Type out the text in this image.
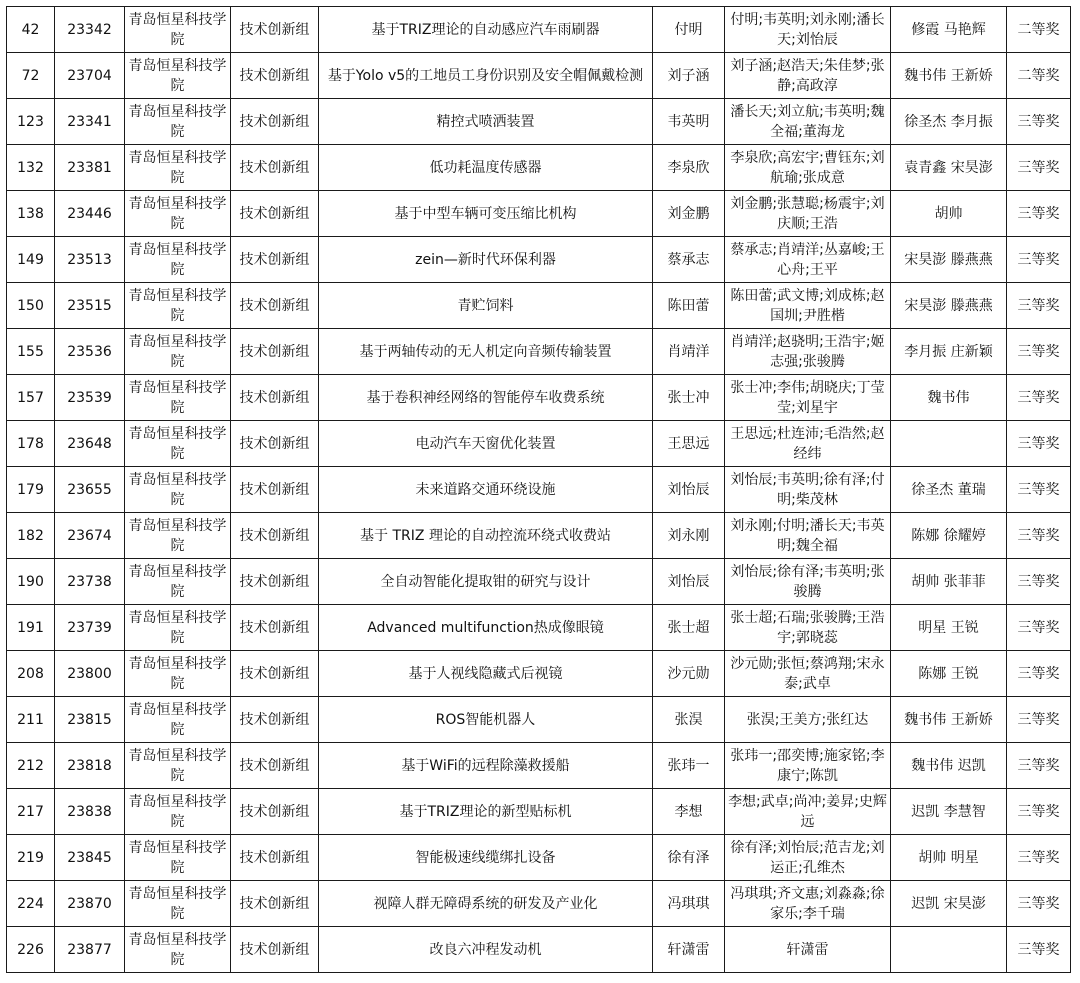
42	23342	青岛恒星科技学院	技术创新组	基于TRIZ理论的自动感应汽车雨刷器	付明	付明;韦英明;刘永刚;潘长天;刘怡辰	修霞 马艳辉	二等奖
72	23704	青岛恒星科技学院	技术创新组	基于Yolo v5的工地员工身份识别及安全帽佩戴检测	刘子涵	刘子涵;赵浩天;朱佳梦;张静;高政淳	魏书伟 王新娇	二等奖
123	23341	青岛恒星科技学院	技术创新组	精控式喷洒装置	韦英明	潘长天;刘立航;韦英明;魏全福;董海龙	徐圣杰 李月振	三等奖
132	23381	青岛恒星科技学院	技术创新组	低功耗温度传感器	李泉欣	李泉欣;高宏宇;曹钰东;刘航瑜;张成意	袁青鑫 宋昊澎	三等奖
138	23446	青岛恒星科技学院	技术创新组	基于中型车辆可变压缩比机构	刘金鹏	刘金鹏;张慧聪;杨震宇;刘庆顺;王浩	胡帅	三等奖
149	23513	青岛恒星科技学院	技术创新组	zein—新时代环保利器	蔡承志	蔡承志;肖靖洋;丛嘉峻;王心舟;王平	宋昊澎 滕燕燕	三等奖
150	23515	青岛恒星科技学院	技术创新组	青贮饲料	陈田蕾	陈田蕾;武文博;刘成栋;赵国圳;尹胜楷	宋昊澎 滕燕燕	三等奖
155	23536	青岛恒星科技学院	技术创新组	基于两轴传动的无人机定向音频传输装置	肖靖洋	肖靖洋;赵骁明;王浩宇;姬志强;张骏腾	李月振 庄新颖	三等奖
157	23539	青岛恒星科技学院	技术创新组	基于卷积神经网络的智能停车收费系统	张士冲	张士冲;李伟;胡晓庆;丁莹莹;刘星宇	魏书伟	三等奖
178	23648	青岛恒星科技学院	技术创新组	电动汽车天窗优化装置	王思远	王思远;杜连沛;毛浩然;赵经纬		三等奖
179	23655	青岛恒星科技学院	技术创新组	未来道路交通环绕设施	刘怡辰	刘怡辰;韦英明;徐有泽;付明;柴茂林	徐圣杰 董瑞	三等奖
182	23674	青岛恒星科技学院	技术创新组	基于 TRIZ 理论的自动控流环绕式收费站	刘永刚	刘永刚;付明;潘长天;韦英明;魏全福	陈娜 徐耀婷	三等奖
190	23738	青岛恒星科技学院	技术创新组	全自动智能化提取钳的研究与设计	刘怡辰	刘怡辰;徐有泽;韦英明;张骏腾	胡帅 张菲菲	三等奖
191	23739	青岛恒星科技学院	技术创新组	Advanced multifunction热成像眼镜	张士超	张士超;石瑞;张骏腾;王浩宇;郭晓蕊	明星 王锐	三等奖
208	23800	青岛恒星科技学院	技术创新组	基于人视线隐藏式后视镜	沙元勋	沙元勋;张恒;蔡鸿翔;宋永泰;武卓	陈娜 王锐	三等奖
211	23815	青岛恒星科技学院	技术创新组	ROS智能机器人	张淏	张淏;王美方;张红达	魏书伟 王新娇	三等奖
212	23818	青岛恒星科技学院	技术创新组	基于WiFi的远程除藻救援船	张玮一	张玮一;邵奕博;施家铭;李康宁;陈凯	魏书伟 迟凯	三等奖
217	23838	青岛恒星科技学院	技术创新组	基于TRIZ理论的新型贴标机	李想	李想;武卓;尚冲;姜昇;史辉远	迟凯 李慧智	三等奖
219	23845	青岛恒星科技学院	技术创新组	智能极速线缆绑扎设备	徐有泽	徐有泽;刘怡辰;范吉龙;刘运正;孔维杰	胡帅 明星	三等奖
224	23870	青岛恒星科技学院	技术创新组	视障人群无障碍系统的研发及产业化	冯琪琪	冯琪琪;齐文惠;刘淼淼;徐家乐;李千瑞	迟凯 宋昊澎	三等奖
226	23877	青岛恒星科技学院	技术创新组	改良六冲程发动机	轩潇雷	轩潇雷		三等奖
